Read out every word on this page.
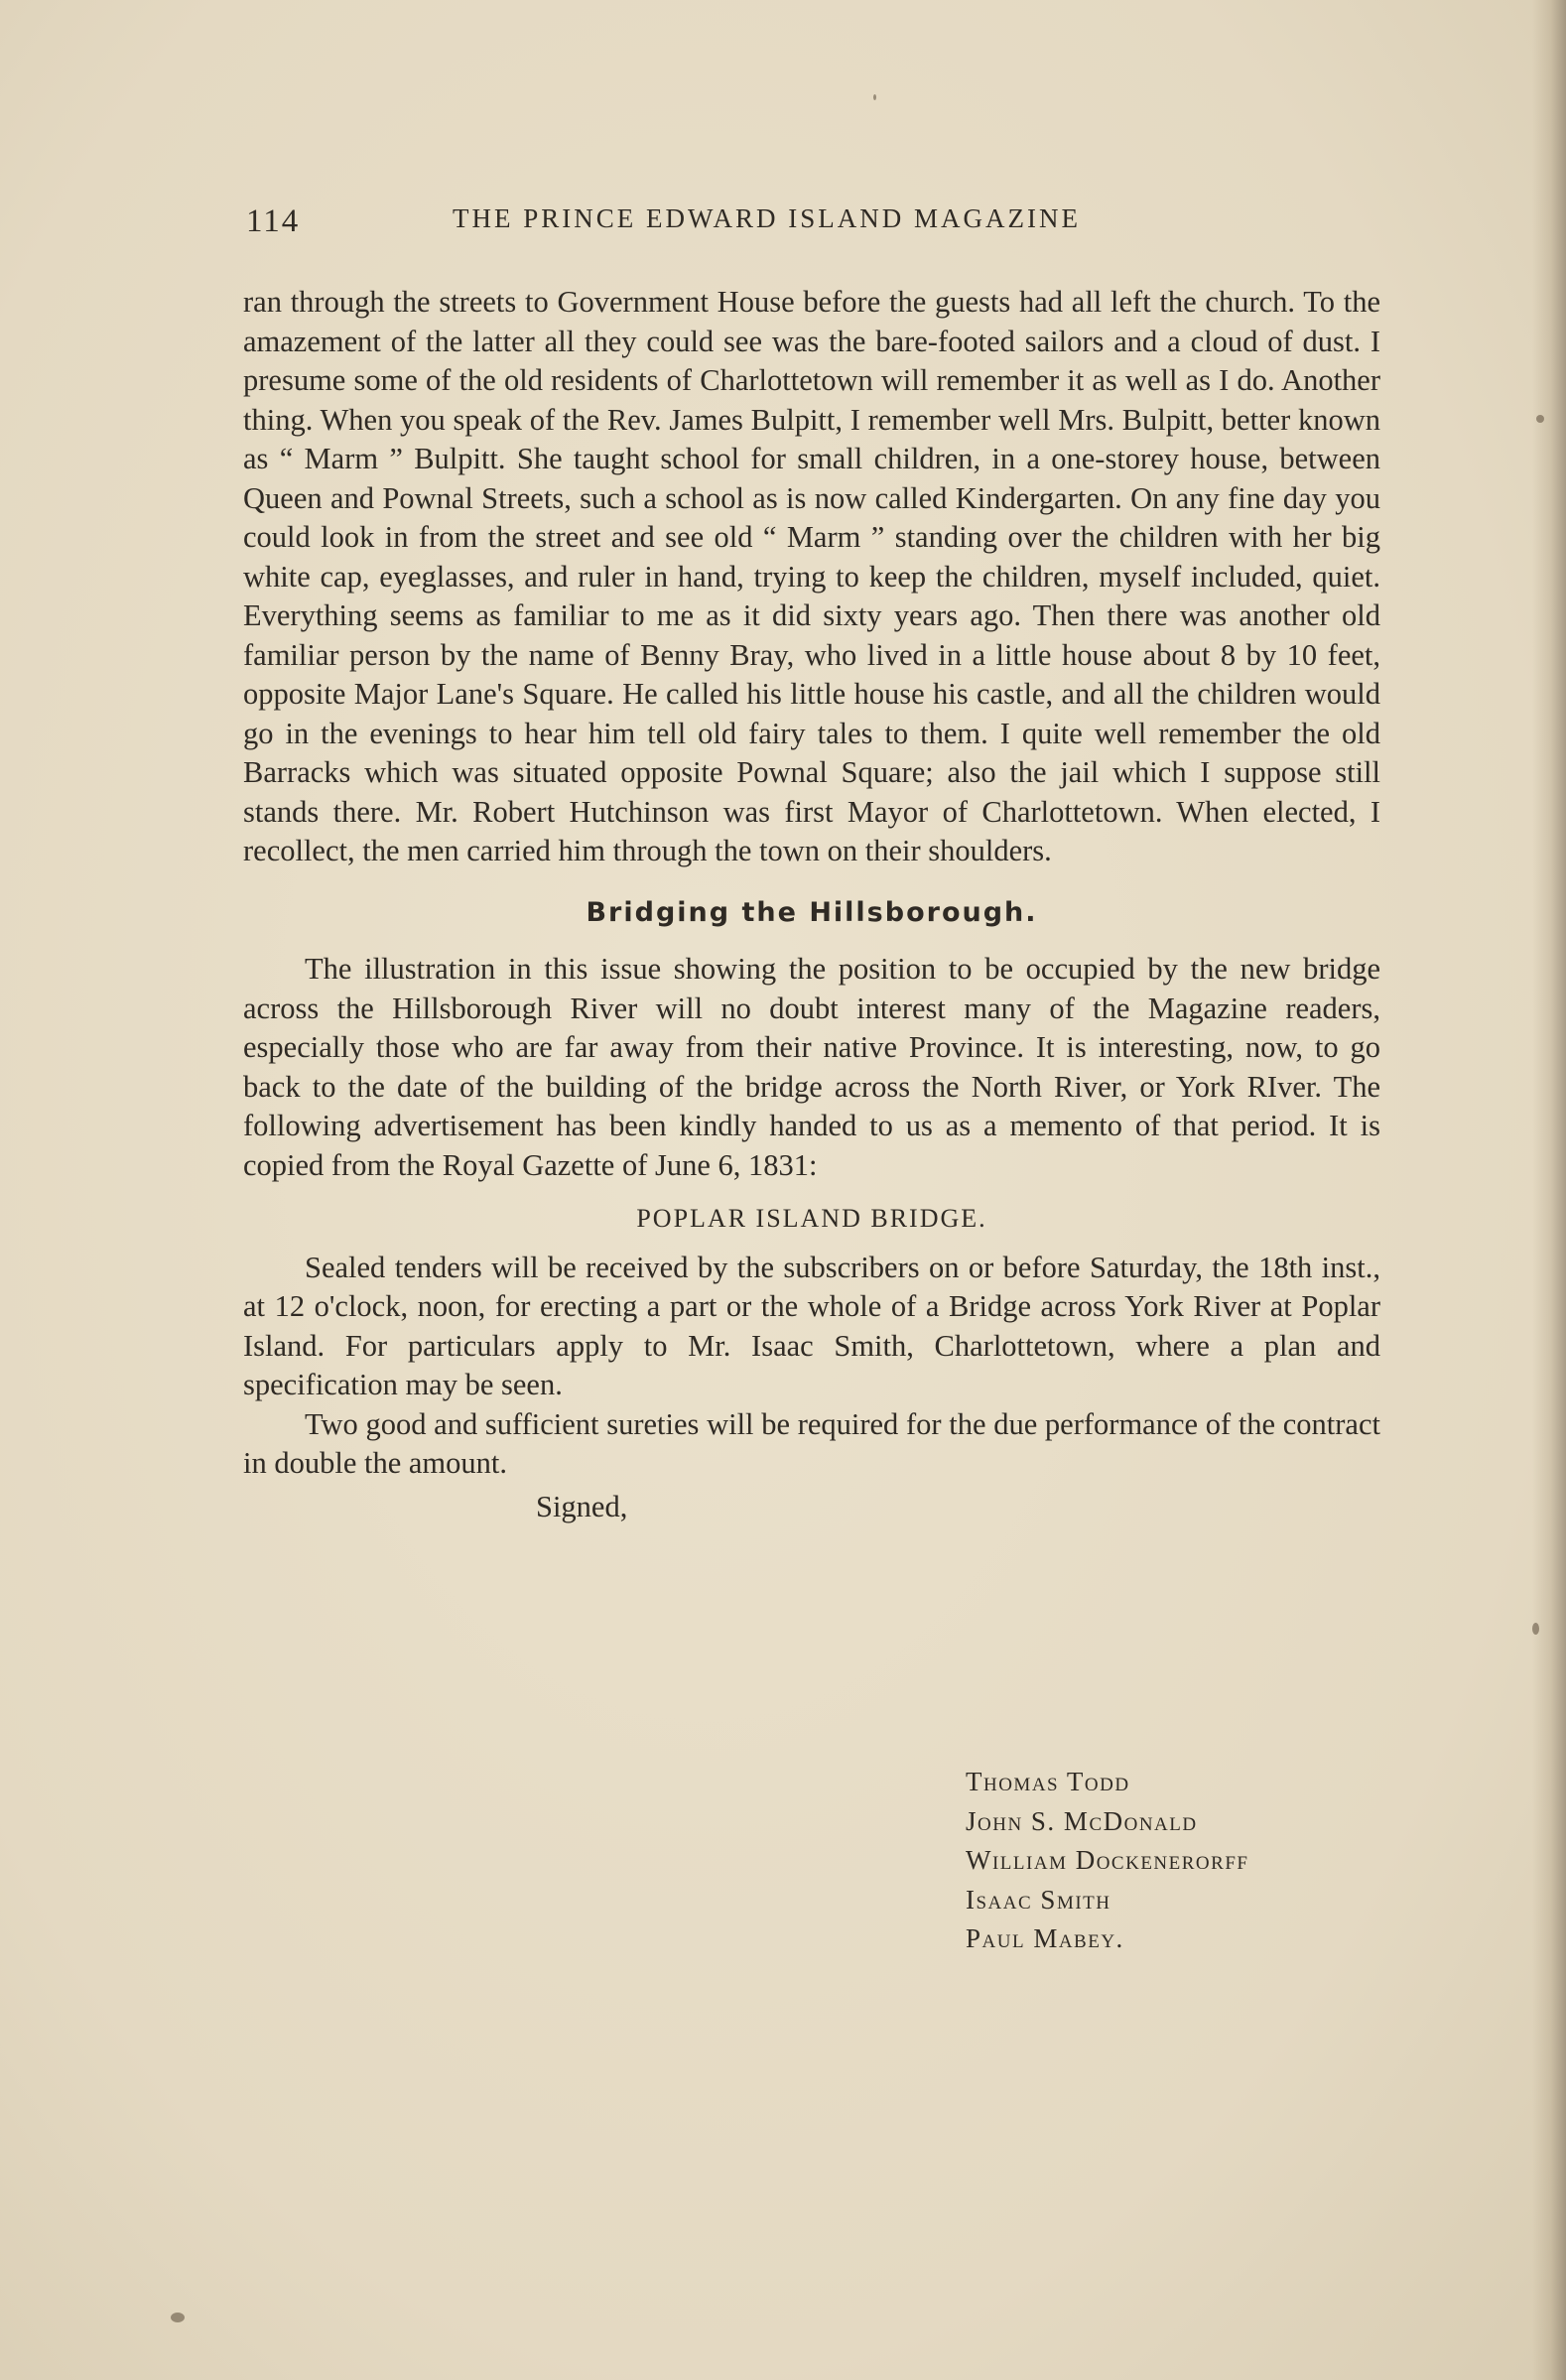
114	THE PRINCE EDWARD ISLAND MAGAZINE

ran through the streets to Government House before the guests had all left the church. To the amazement of the latter all they could see was the bare-footed sailors and a cloud of dust. I presume some of the old residents of Charlottetown will remember it as well as I do. Another thing. When you speak of the Rev. James Bulpitt, I remember well Mrs. Bulpitt, better known as “ Marm ” Bulpitt. She taught school for small children, in a one-storey house, between Queen and Pownal Streets, such a school as is now called Kindergarten. On any fine day you could look in from the street and see old “ Marm ” standing over the children with her big white cap, eyeglasses, and ruler in hand, trying to keep the children, myself included, quiet. Everything seems as familiar to me as it did sixty years ago. Then there was another old familiar person by the name of Benny Bray, who lived in a little house about 8 by 10 feet, opposite Major Lane's Square. He called his little house his castle, and all the children would go in the evenings to hear him tell old fairy tales to them. I quite well remember the old Barracks which was situated opposite Pownal Square; also the jail which I suppose still stands there. Mr. Robert Hutchinson was first Mayor of Charlottetown. When elected, I recollect, the men carried him through the town on their shoulders.

Bridging the Hillsborough.

The illustration in this issue showing the position to be occupied by the new bridge across the Hillsborough River will no doubt interest many of the Magazine readers, especially those who are far away from their native Province. It is interesting, now, to go back to the date of the building of the bridge across the North River, or York RIver. The following advertisement has been kindly handed to us as a memento of that period. It is copied from the Royal Gazette of June 6, 1831:

POPLAR ISLAND BRIDGE.

Sealed tenders will be received by the subscribers on or before Saturday, the 18th inst., at 12 o'clock, noon, for erecting a part or the whole of a Bridge across York River at Poplar Island. For particulars apply to Mr. Isaac Smith, Charlottetown, where a plan and specification may be seen.

Two good and sufficient sureties will be required for the due performance of the contract in double the amount.

Signed,

Thomas Todd
John S. McDonald
William Dockenerorff
Isaac Smith
Paul Mabey.
